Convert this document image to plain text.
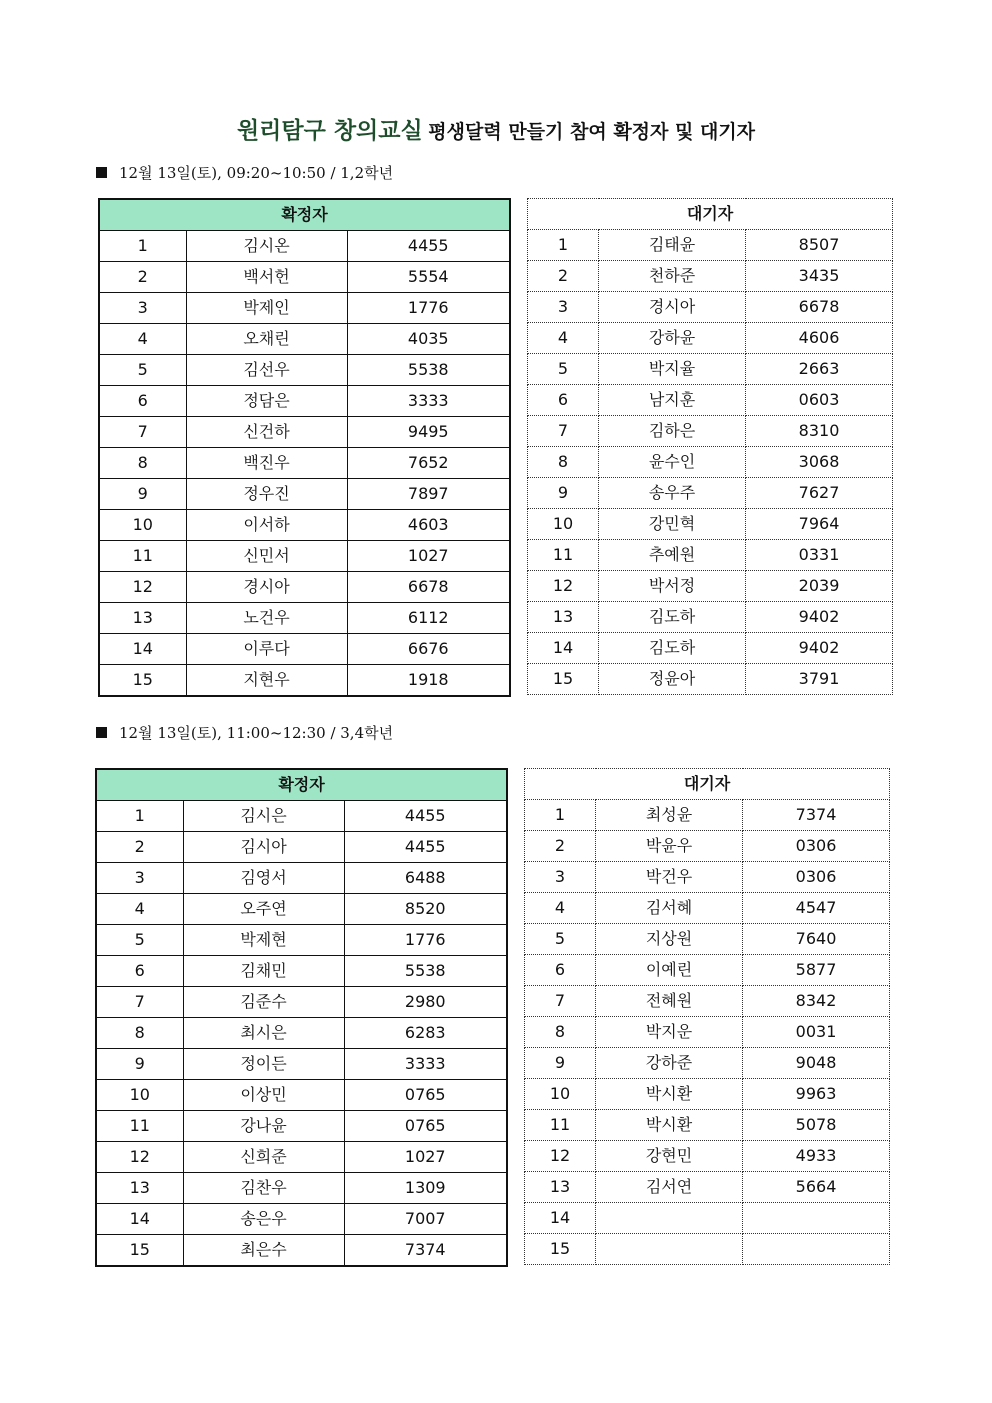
원리탐구 창의교실 평생달력 만들기 참여 확정자 및 대기자
12월 13일(토), 09:20~10:50 / 1,2학년
확정자		
1	김시온	4455
2	백서헌	5554
3	박제인	1776
4	오채린	4035
5	김선우	5538
6	정담은	3333
7	신건하	9495
8	백진우	7652
9	정우진	7897
10	이서하	4603
11	신민서	1027
12	경시아	6678
13	노건우	6112
14	이루다	6676
15	지현우	1918
대기자		
1	김태윤	8507
2	천하준	3435
3	경시아	6678
4	강하윤	4606
5	박지율	2663
6	남지훈	0603
7	김하은	8310
8	윤수인	3068
9	송우주	7627
10	강민혁	7964
11	추예원	0331
12	박서정	2039
13	김도하	9402
14	김도하	9402
15	정윤아	3791
12월 13일(토), 11:00~12:30 / 3,4학년
확정자		
1	김시은	4455
2	김시아	4455
3	김영서	6488
4	오주연	8520
5	박제현	1776
6	김채민	5538
7	김준수	2980
8	최시은	6283
9	정이든	3333
10	이상민	0765
11	강나윤	0765
12	신희준	1027
13	김찬우	1309
14	송은우	7007
15	최은수	7374
대기자		
1	최성윤	7374
2	박윤우	0306
3	박건우	0306
4	김서혜	4547
5	지상원	7640
6	이예린	5877
7	전혜원	8342
8	박지운	0031
9	강하준	9048
10	박시환	9963
11	박시환	5078
12	강현민	4933
13	김서연	5664
14		
15		
